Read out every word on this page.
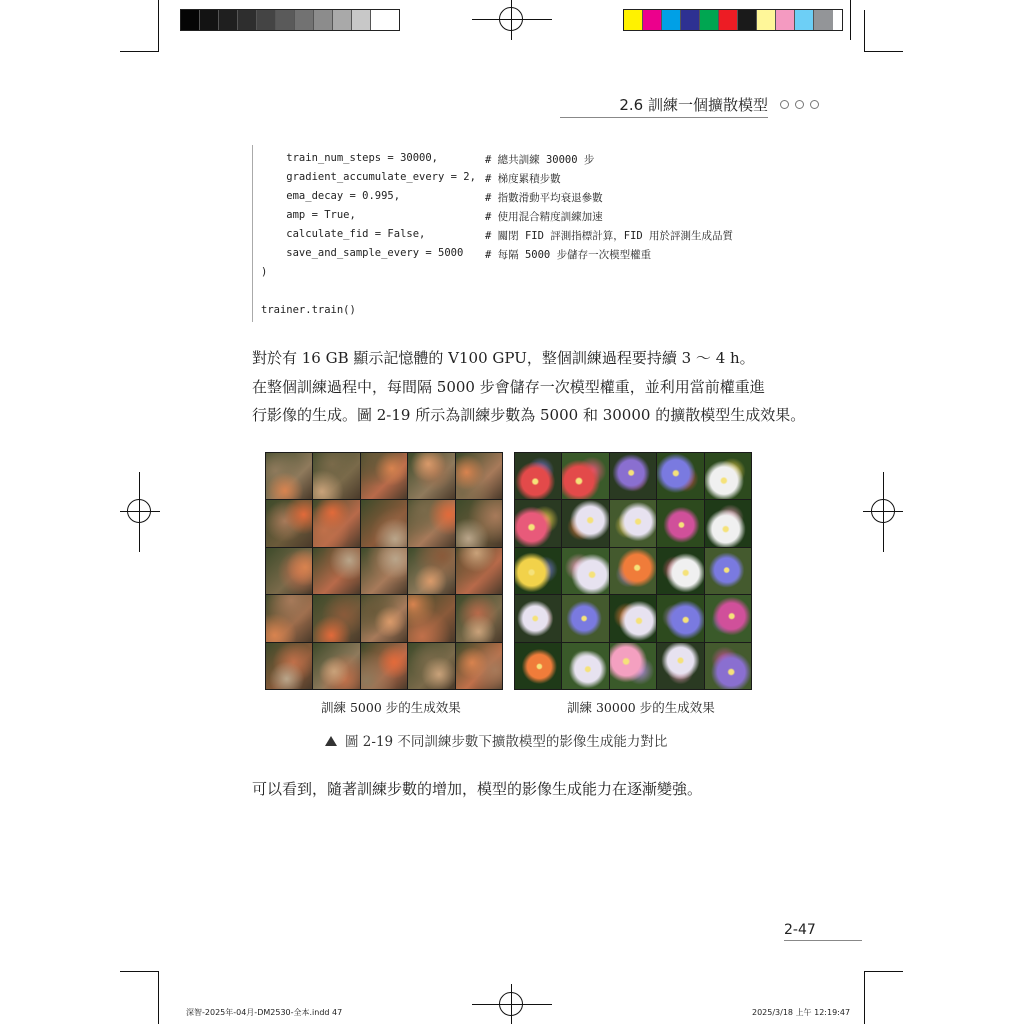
2.6 訓練一個擴散模型
train_num_steps = 30000,	# 總共訓練 30000 步
gradient_accumulate_every = 2, # 梯度累積步數
ema_decay = 0.995,	# 指數滑動平均衰退參數
amp = True,	# 使用混合精度訓練加速
calculate_fid = False,	# 關閉 FID 評測指標計算，FID 用於評測生成品質
save_and_sample_every = 5000 # 每隔 5000 步儲存一次模型權重
)
trainer.train()
對於有 16 GB 顯示記憶體的 V100 GPU，整個訓練過程要持續 3 ～ 4 h。
在整個訓練過程中，每間隔 5000 步會儲存一次模型權重，並利用當前權重進
行影像的生成。圖 2-19 所示為訓練步數為 5000 和 30000 的擴散模型生成效果。
訓練 5000 步的生成效果	訓練 30000 步的生成效果
圖 2-19 不同訓練步數下擴散模型的影像生成能力對比
可以看到，隨著訓練步數的增加，模型的影像生成能力在逐漸變強。
2-47
深智-2025年-04月-DM2530-全本.indd 47	2025/3/18 上午 12:19:47
